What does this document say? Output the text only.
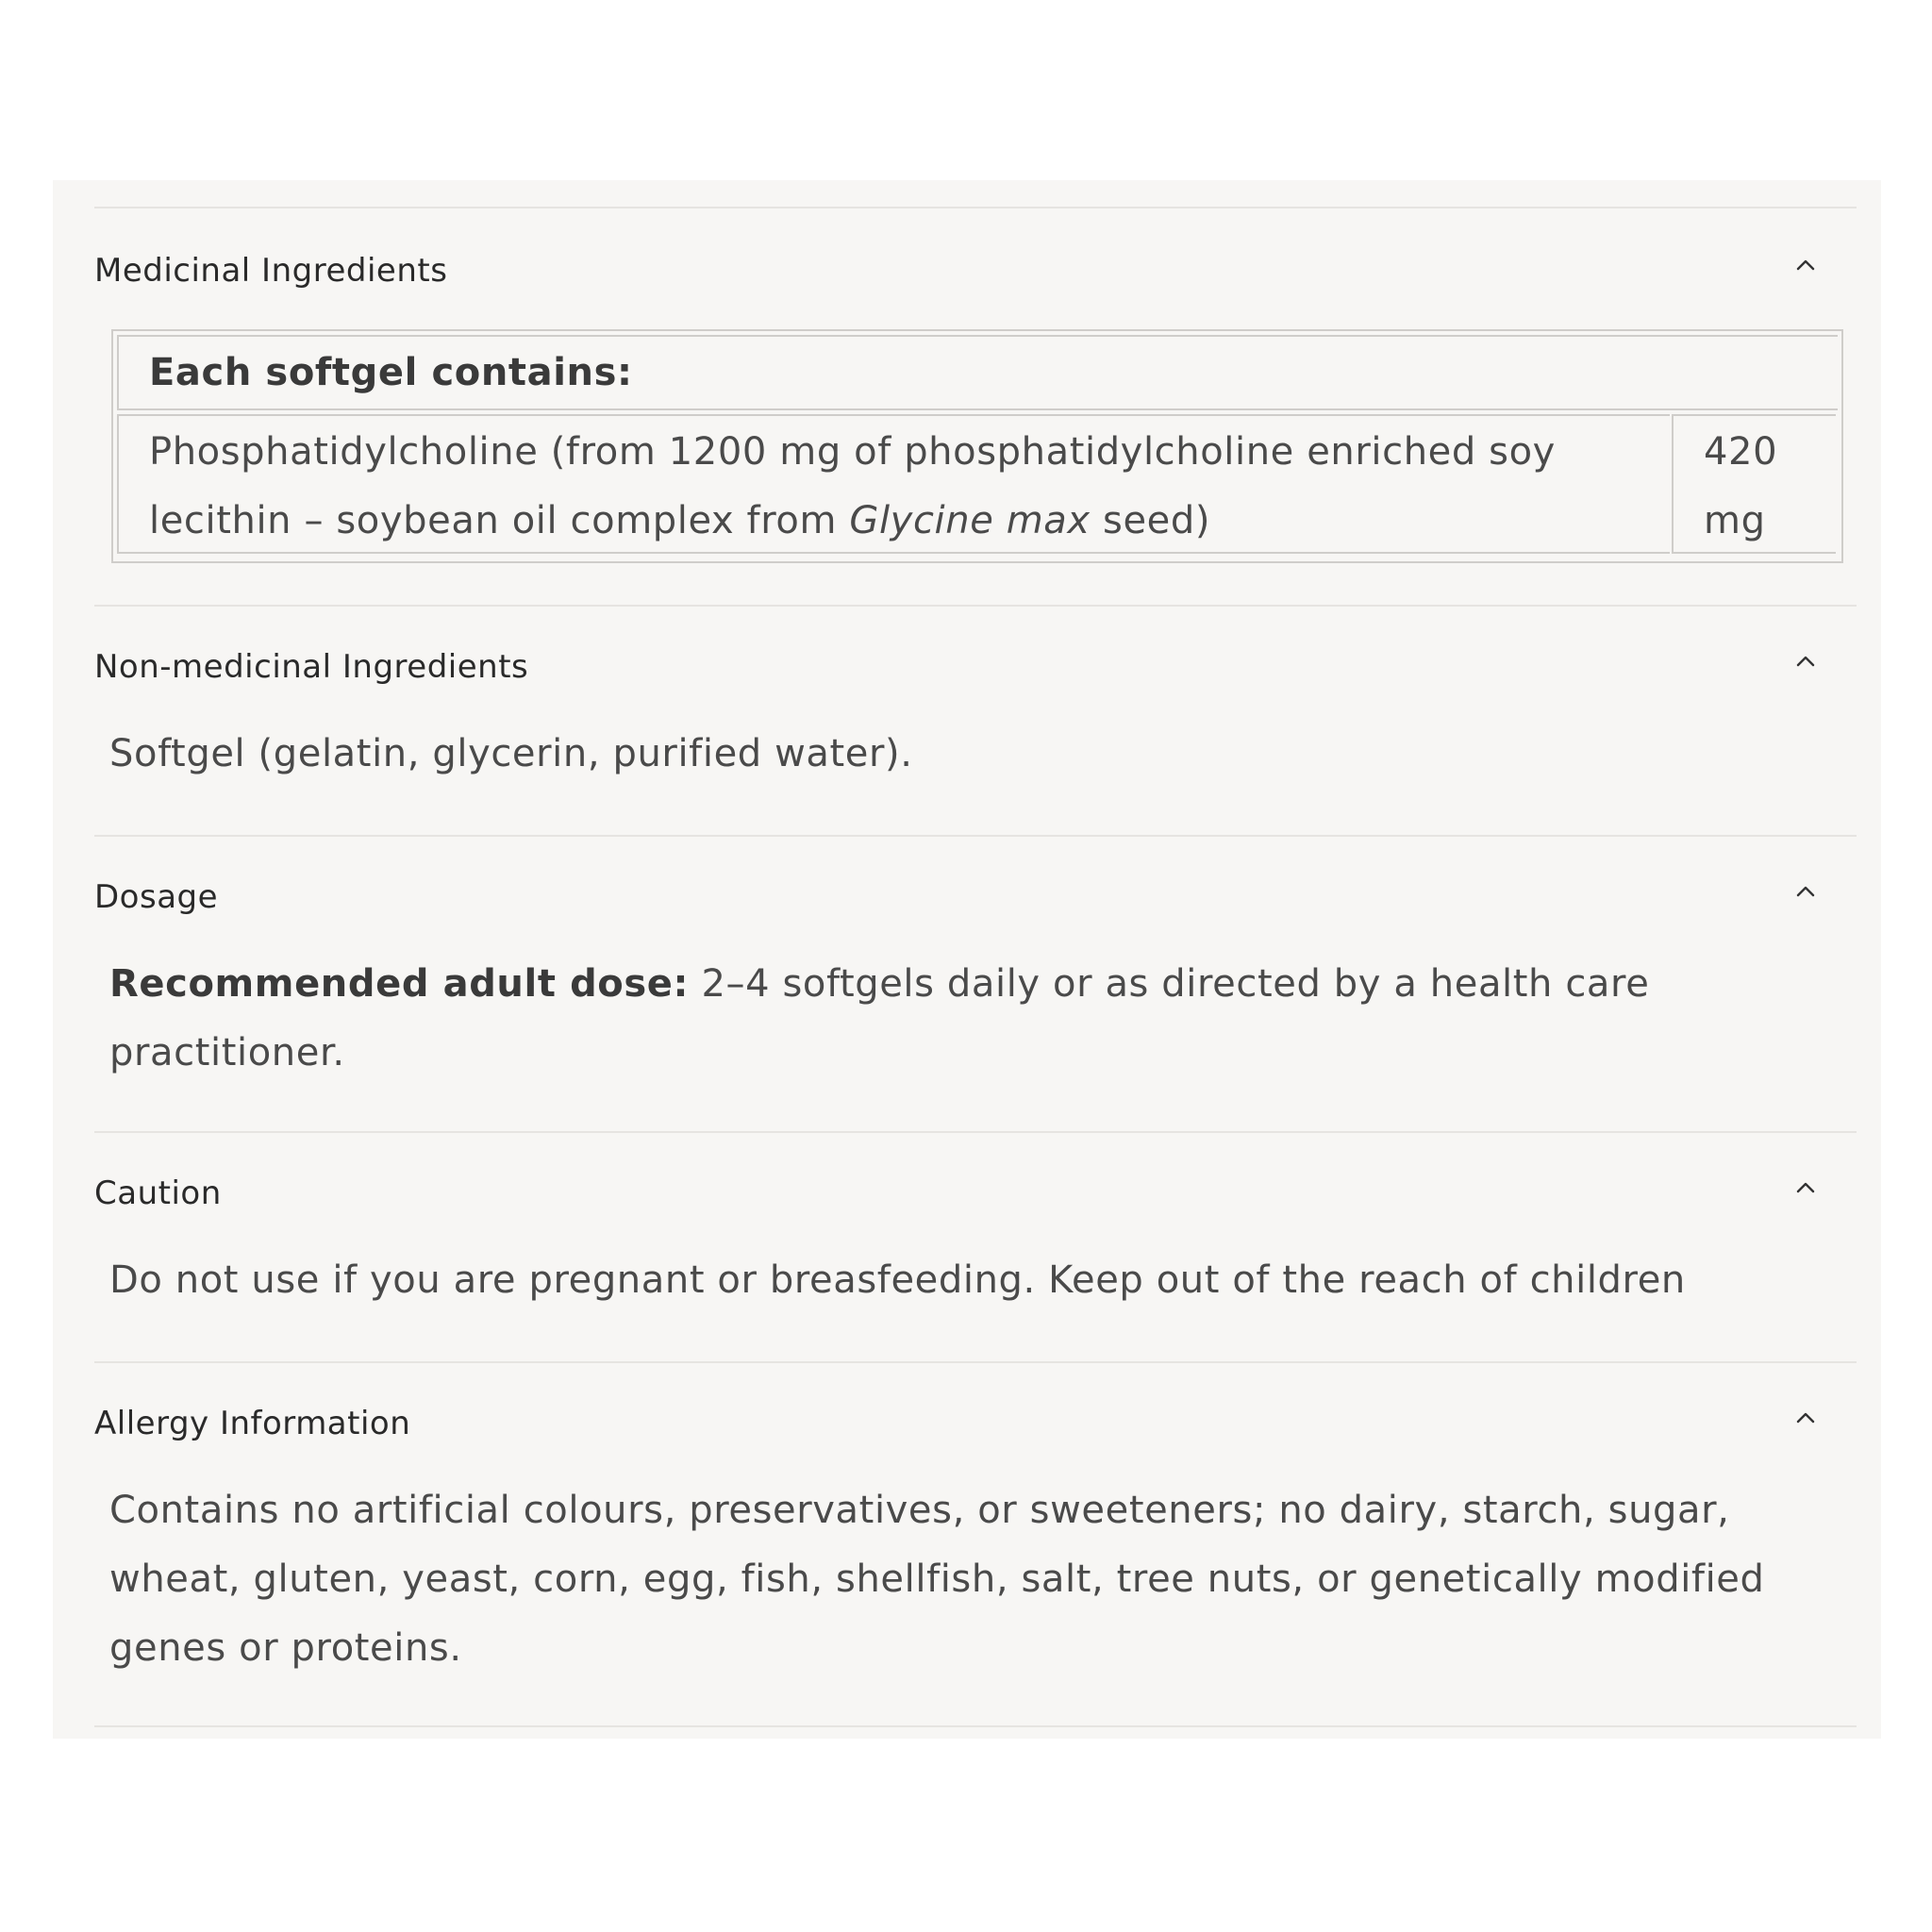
Medicinal Ingredients
Each softgel contains:
Phosphatidylcholine (from 1200 mg of phosphatidylcholine enriched soy lecithin – soybean oil complex from Glycine max seed)
420 mg
Non-medicinal Ingredients
Softgel (gelatin, glycerin, purified water).
Dosage
Recommended adult dose: 2–4 softgels daily or as directed by a health care practitioner.
Caution
Do not use if you are pregnant or breasfeeding. Keep out of the reach of children
Allergy Information
Contains no artificial colours, preservatives, or sweeteners; no dairy, starch, sugar, wheat, gluten, yeast, corn, egg, fish, shellfish, salt, tree nuts, or genetically modified genes or proteins.
